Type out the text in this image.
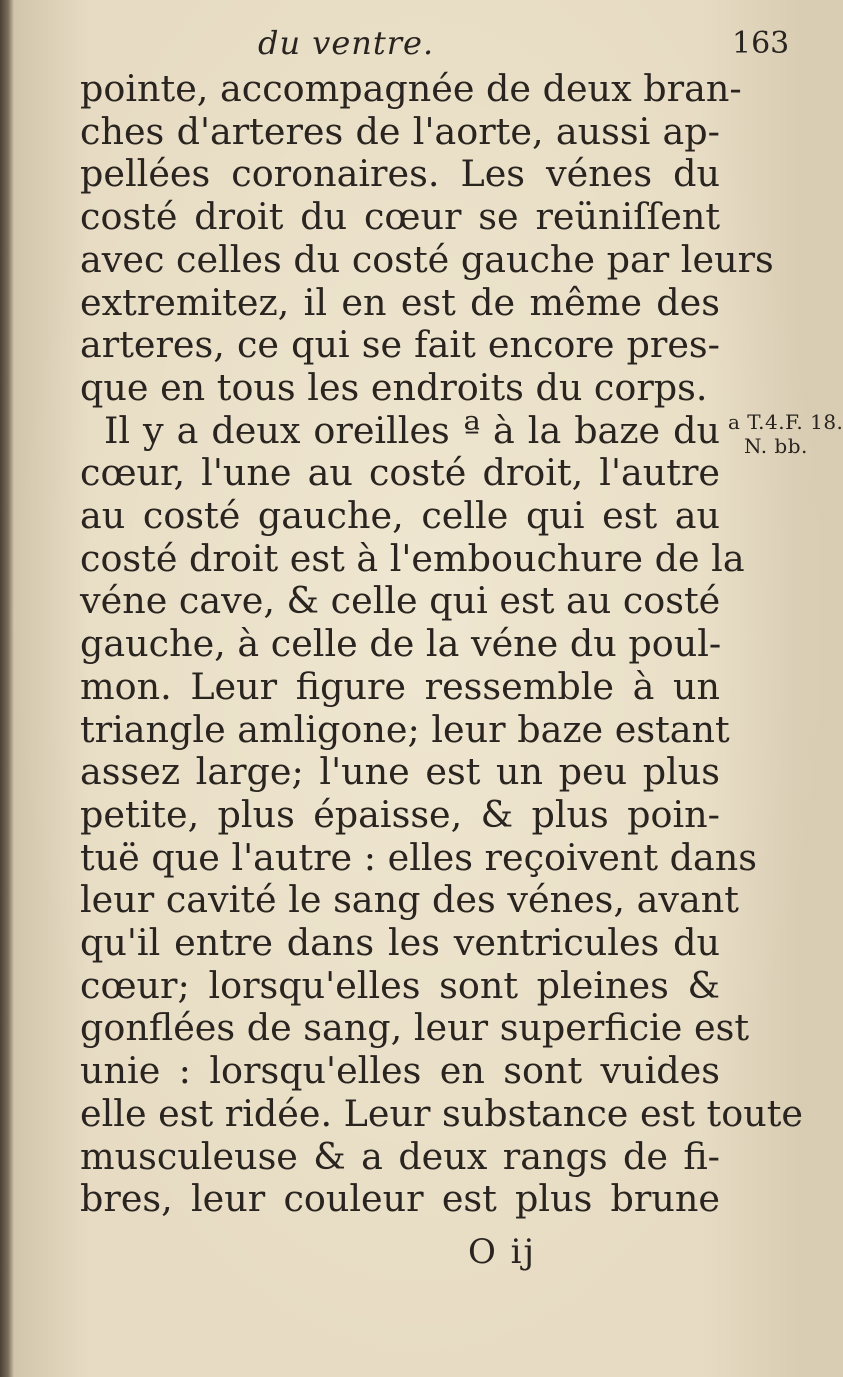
du ventre.	163
pointe, accompagnée de deux bran-
ches d'arteres de l'aorte, aussi ap-
pellées coronaires. Les vénes du
costé droit du cœur se reüniſſent
avec celles du costé gauche par leurs
extremitez, il en est de même des
arteres, ce qui se fait encore pres-
que en tous les endroits du corps.
Il y a deux oreilles ª à la baze du
cœur, l'une au costé droit, l'autre
au costé gauche, celle qui est au
costé droit est à l'embouchure de la
véne cave, & celle qui est au costé
gauche, à celle de la véne du poul-
mon. Leur figure ressemble à un
triangle amligone; leur baze estant
assez large; l'une est un peu plus
petite, plus épaisse, & plus poin-
tuë que l'autre : elles reçoivent dans
leur cavité le sang des vénes, avant
qu'il entre dans les ventricules du
cœur; lorsqu'elles sont pleines &
gonflées de sang, leur superficie est
unie : lorsqu'elles en sont vuides
elle est ridée. Leur substance est toute
musculeuse & a deux rangs de fi-
bres, leur couleur est plus brune
a T.4.F. 18.
N. bb.
O ij
